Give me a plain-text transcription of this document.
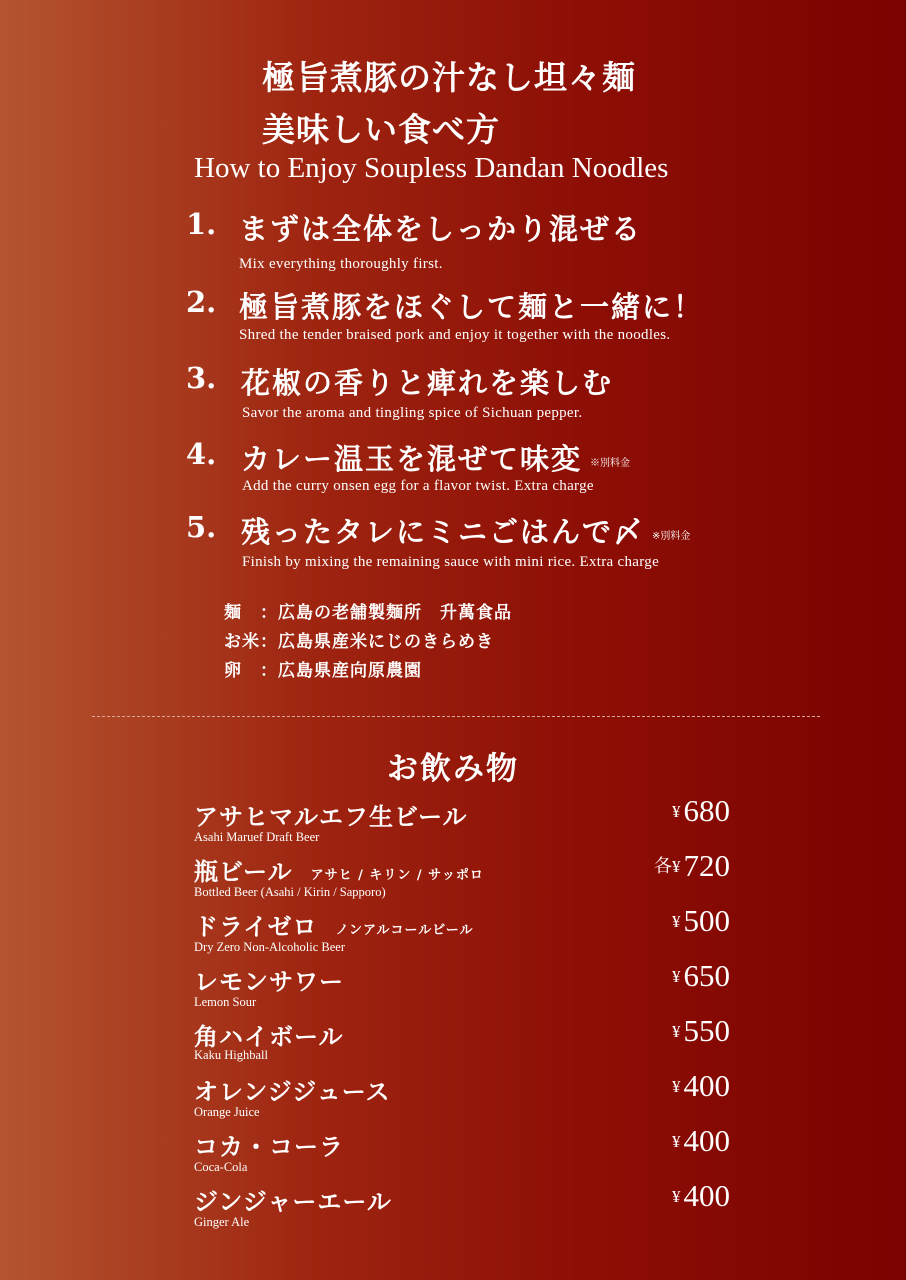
極旨煮豚の汁なし坦々麺
美味しい食べ方
How to Enjoy Soupless Dandan Noodles
1. まずは全体をしっかり混ぜる
Mix everything thoroughly first.
2. 極旨煮豚をほぐして麺と一緒に！
Shred the tender braised pork and enjoy it together with the noodles.
3. 花椒の香りと痺れを楽しむ
Savor the aroma and tingling spice of Sichuan pepper.
4. カレー温玉を混ぜて味変 ※別料金
Add the curry onsen egg for a flavor twist. Extra charge
5. 残ったタレにミニごはんで〆 ※別料金
Finish by mixing the remaining sauce with mini rice. Extra charge
麺　：広島の老舗製麺所　升萬食品
お米：広島県産米にじのきらめき
卵　：広島県産向原農園
お飲み物
アサヒマルエフ生ビール
Asahi Maruef Draft Beer
¥680
瓶ビール アサヒ / キリン / サッポロ
Bottled Beer (Asahi / Kirin / Sapporo)
各¥720
ドライゼロ ノンアルコールビール
Dry Zero Non-Alcoholic Beer
¥500
レモンサワー
Lemon Sour
¥650
角ハイボール
Kaku Highball
¥550
オレンジジュース
Orange Juice
¥400
コカ・コーラ
Coca-Cola
¥400
ジンジャーエール
Ginger Ale
¥400
